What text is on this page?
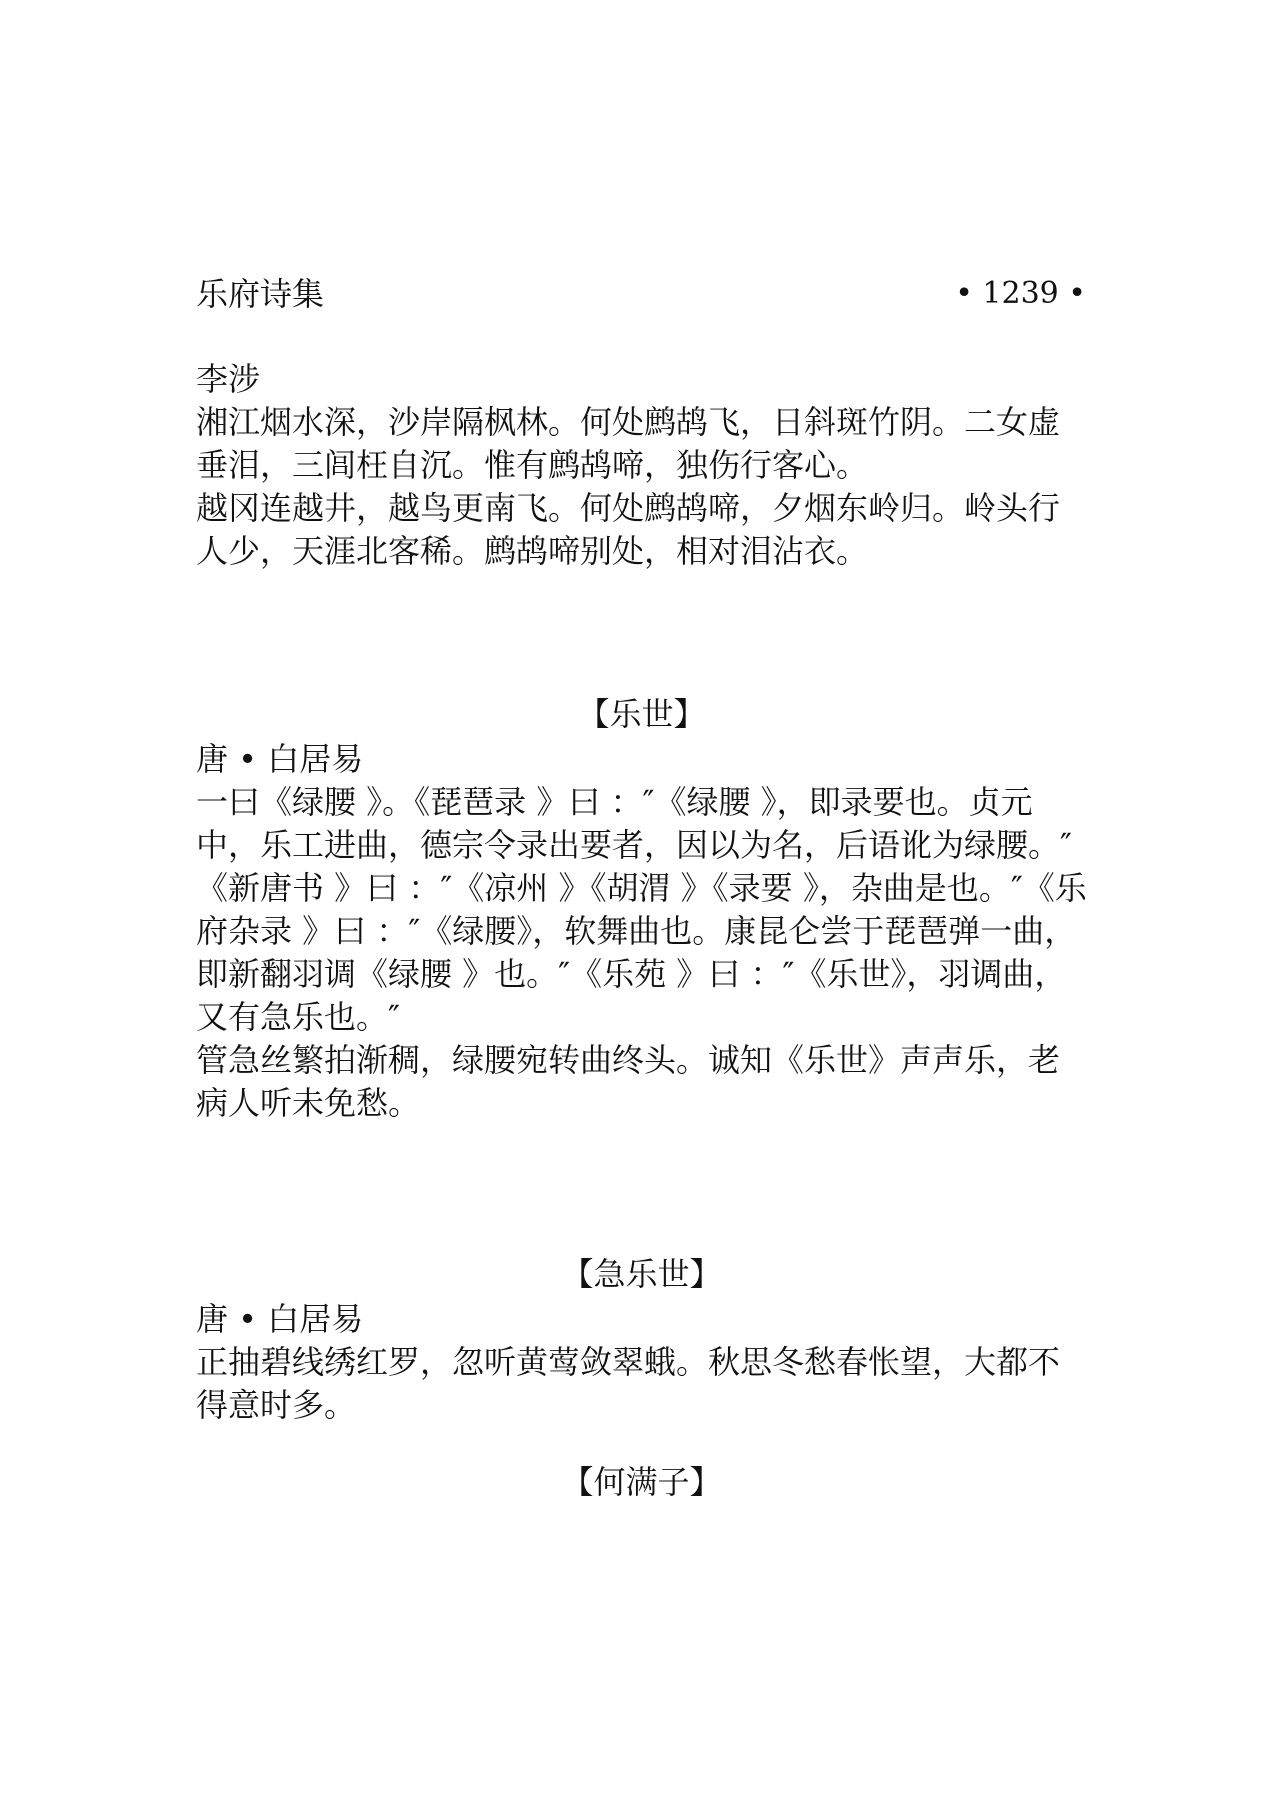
乐府诗集	• 1239 •

李涉

湘江烟水深，沙岸隔枫林。何处鹧鸪飞，日斜斑竹阴。二女虚垂泪，三闾枉自沉。惟有鹧鸪啼，独伤行客心。

越冈连越井，越鸟更南飞。何处鹧鸪啼，夕烟东岭归。岭头行人少，天涯北客稀。鹧鸪啼别处，相对泪沾衣。

【乐世】

唐 • 白居易

一曰《绿腰 》。《琵琶录 》曰 ：″《绿腰 》，即录要也。贞元中，乐工进曲，德宗令录出要者，因以为名，后语讹为绿腰。″《新唐书 》曰 ：″《凉州 》《胡渭 》《录要 》，杂曲是也。″《乐府杂录 》曰 ：″《绿腰》，软舞曲也。康昆仑尝于琵琶弹一曲，即新翻羽调《绿腰 》也。″《乐苑 》曰 ：″《乐世》，羽调曲，又有急乐也。″

管急丝繁拍渐稠，绿腰宛转曲终头。诚知《乐世》声声乐，老病人听未免愁。

【急乐世】

唐 • 白居易

正抽碧线绣红罗，忽听黄莺敛翠蛾。秋思冬愁春怅望，大都不得意时多。

【何满子】
